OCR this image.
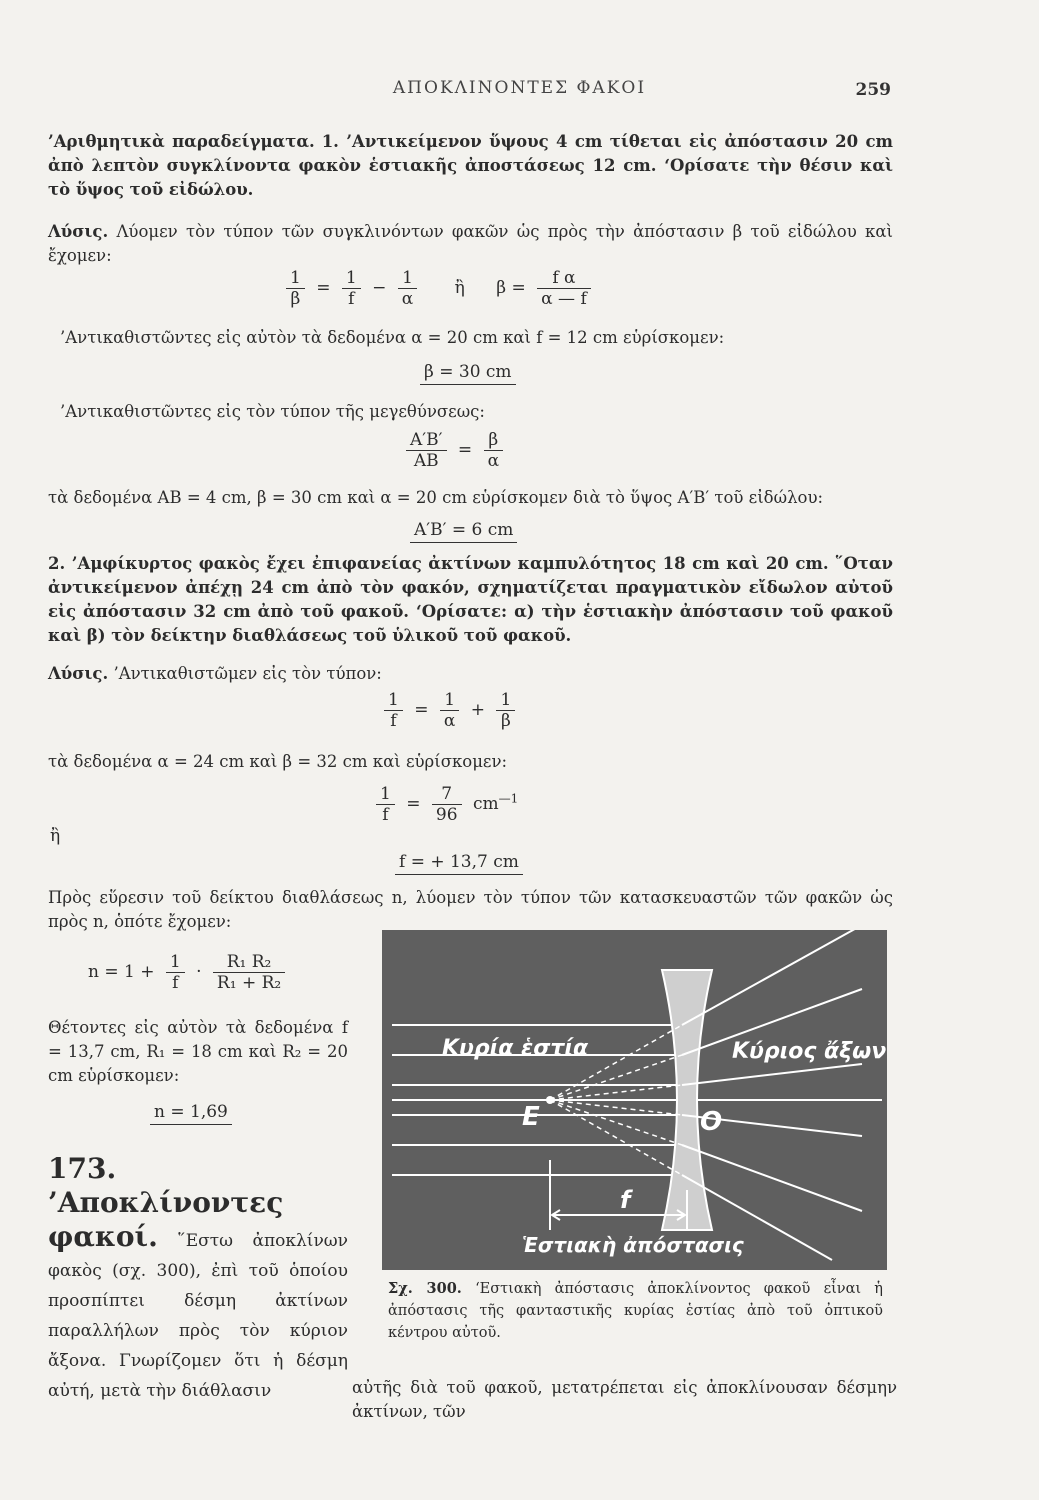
ΑΠΟΚΛΙΝΟΝΤΕΣ ΦΑΚΟΙ	259
’Αριθμητικὰ παραδείγματα. 1. ’Αντικείμενον ὕψους 4 cm τίθεται εἰς ἀπόστασιν 20 cm ἀπὸ λεπτὸν συγκλίνοντα φακὸν ἑστιακῆς ἀποστάσεως 12 cm. ‘Ορίσατε τὴν θέσιν καὶ τὸ ὕψος τοῦ εἰδώλου.
Λύσις. Λύομεν τὸν τύπον τῶν συγκλινόντων φακῶν ὡς πρὸς τὴν ἀπόστασιν β τοῦ εἰδώλου καὶ ἔχομεν:
$\frac{1}{\beta} = \frac{1}{f} - \frac{1}{\alpha}$ ἢ $\beta = \frac{\text{f α}}{\alpha — f}$
’Αντικαθιστῶντες εἰς αὐτὸν τὰ δεδομένα α = 20 cm καὶ f = 12 cm εὑρίσκομεν:
β = 30 cm
’Αντικαθιστῶντες εἰς τὸν τύπον τῆς μεγεθύνσεως:
$\frac{A'B'}{AB} = \frac{\beta}{\alpha}$
τὰ δεδομένα AB = 4 cm, β = 30 cm καὶ α = 20 cm εὑρίσκομεν διὰ τὸ ὕψος A′B′ τοῦ εἰδώλου:
A′B′ = 6 cm
2. ’Αμφίκυρτος φακὸς ἔχει ἐπιφανείας ἀκτίνων καμπυλότητος 18 cm καὶ 20 cm. ῞Οταν ἀντικείμενον ἀπέχῃ 24 cm ἀπὸ τὸν φακόν, σχηματίζεται πραγματικὸν εἴδωλον αὐτοῦ εἰς ἀπόστασιν 32 cm ἀπὸ τοῦ φακοῦ. ‘Ορίσατε: α) τὴν ἑστιακὴν ἀπόστασιν τοῦ φακοῦ καὶ β) τὸν δείκτην διαθλάσεως τοῦ ὑλικοῦ τοῦ φακοῦ.
Λύσις. ’Αντικαθιστῶμεν εἰς τὸν τύπον:
$\frac{1}{f} = \frac{1}{\alpha} + \frac{1}{\beta}$
τὰ δεδομένα α = 24 cm καὶ β = 32 cm καὶ εὑρίσκομεν:
$\frac{1}{f} = \frac{7}{96} cm^{—1}$
ἢ
f = + 13,7 cm
Πρὸς εὕρεσιν τοῦ δείκτου διαθλάσεως n, λύομεν τὸν τύπον τῶν κατασκευαστῶν τῶν φακῶν ὡς πρὸς n, ὁπότε ἔχομεν:
$n = 1 + \frac{1}{f} \cdot \frac{\text{R₁ R₂}}{\text{R₁ + R₂}}$
Θέτοντες εἰς αὐτὸν τὰ δεδομένα f = 13,7 cm, R₁ = 18 cm καὶ R₂ = 20 cm εὑρίσκομεν:
n = 1,69
173. ’Αποκλίνοντες φακοί. ῞Εστω ἀποκλίνων φακὸς (σχ. 300), ἐπὶ τοῦ ὁποίου προσπίπτει δέσμη ἀκτίνων παραλλήλων πρὸς τὸν κύριον ἄξονα. Γνωρίζομεν ὅτι ἡ δέσμη αὐτή, μετὰ τὴν διάθλασιν	αὐτῆς διὰ τοῦ φακοῦ, μετατρέπεται εἰς ἀποκλίνουσαν δέσμην ἀκτίνων, τῶν
Κυρία ἑστία
E	O
Κύριος ἄξων
f
Ἑστιακὴ ἀπόστασις
Σχ. 300. ‘Εστιακὴ ἀπόστασις ἀποκλίνοντος φακοῦ εἶναι ἡ ἀπόστασις τῆς φανταστικῆς κυρίας ἑστίας ἀπὸ τοῦ ὀπτικοῦ κέντρου αὐτοῦ.
